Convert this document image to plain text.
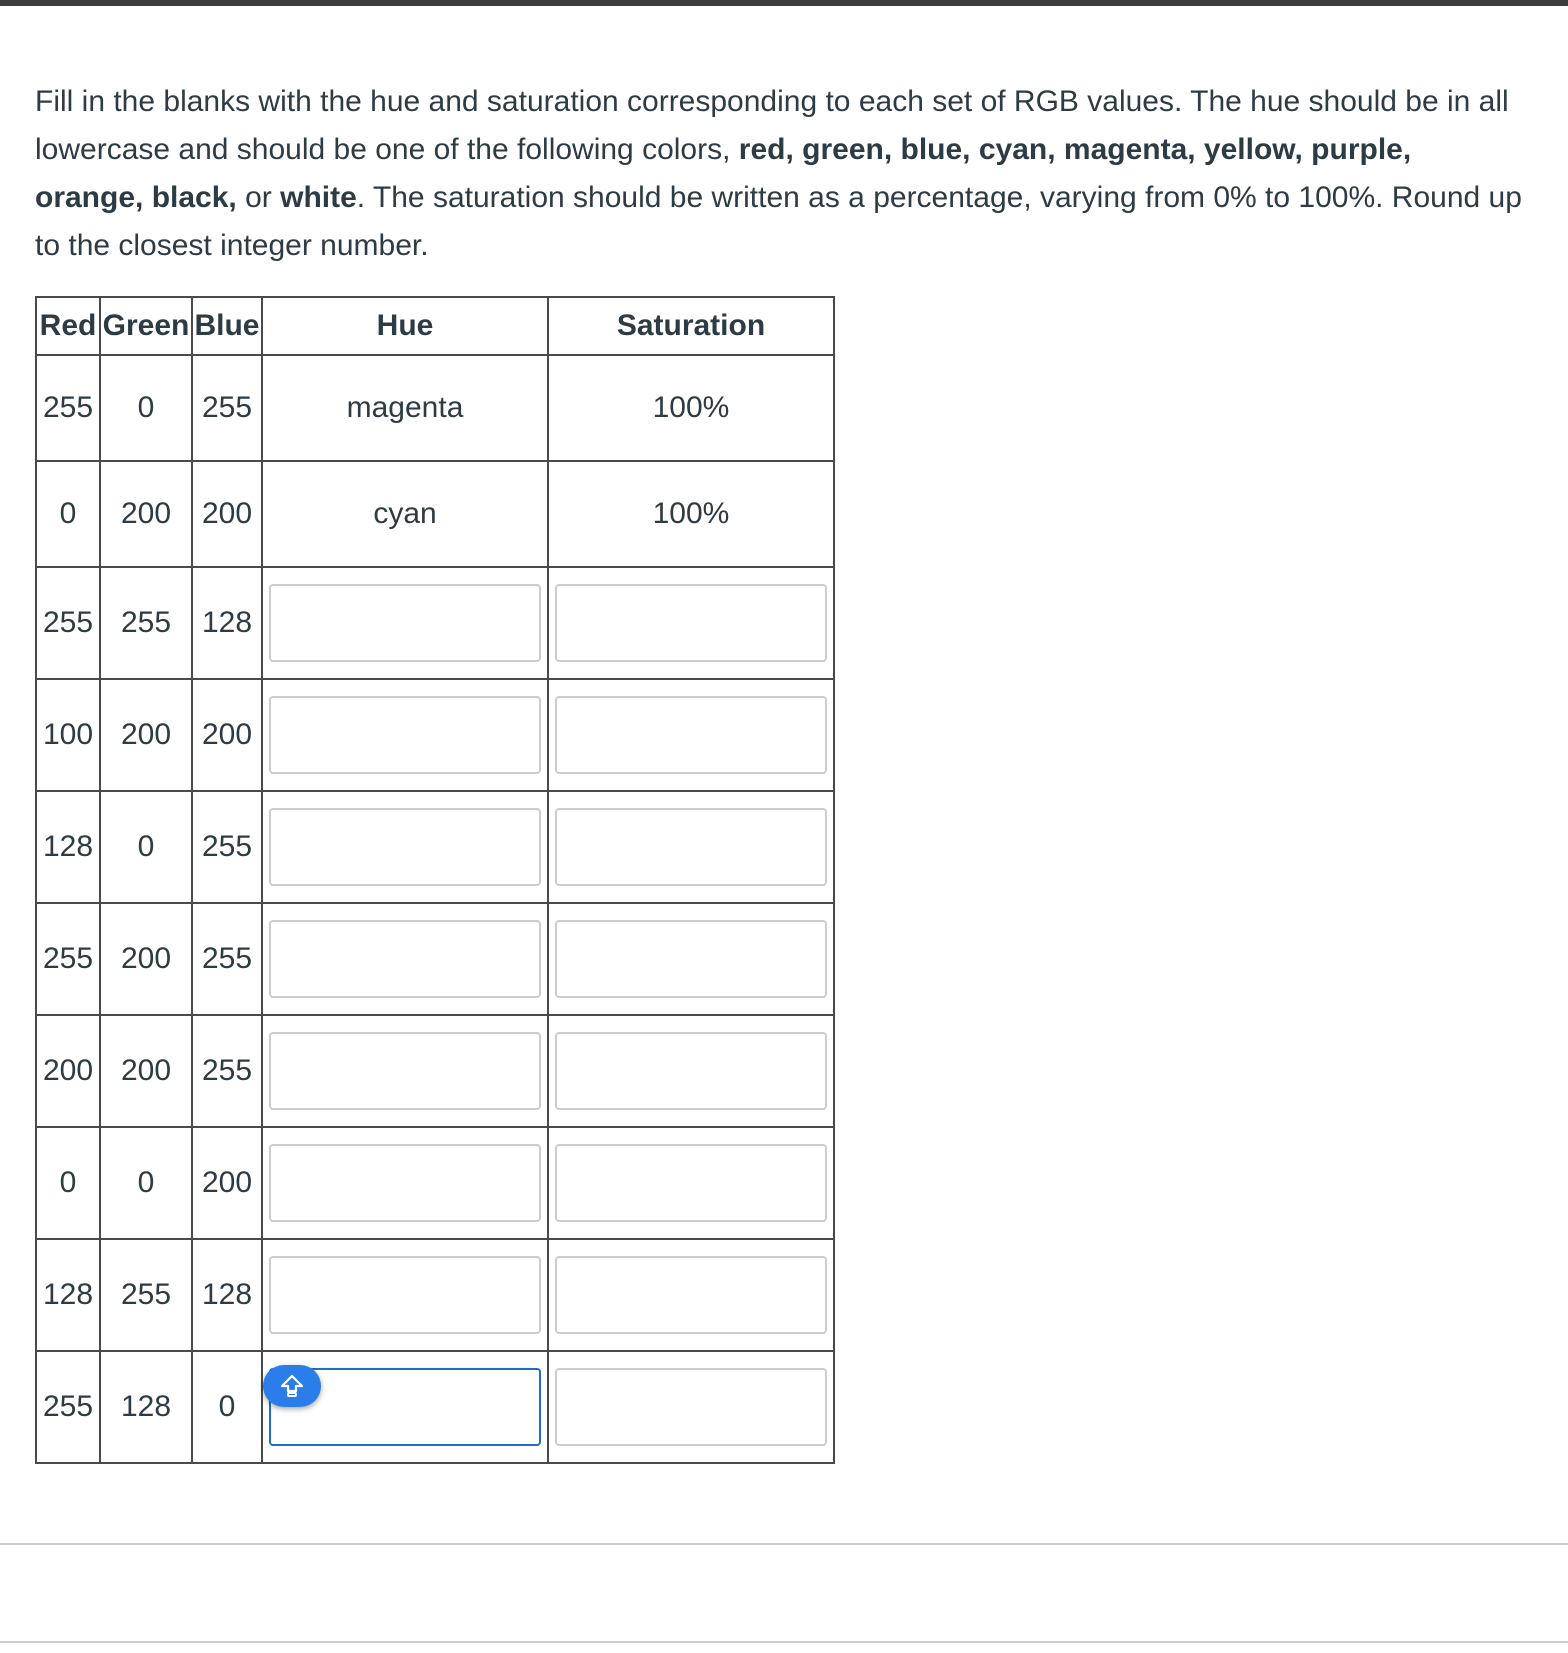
Fill in the blanks with the hue and saturation corresponding to each set of RGB values. The hue should be in all lowercase and should be one of the following colors, red, green, blue, cyan, magenta, yellow, purple, orange, black, or white. The saturation should be written as a percentage, varying from 0% to 100%. Round up to the closest integer number.

Red	Green	Blue	Hue	Saturation
255	0	255	magenta	100%
0	200	200	cyan	100%
255	255	128	

100	200	200	

128	0	255	

255	200	255	

200	200	255	

0	0	200	

128	255	128	

255	128	0	
